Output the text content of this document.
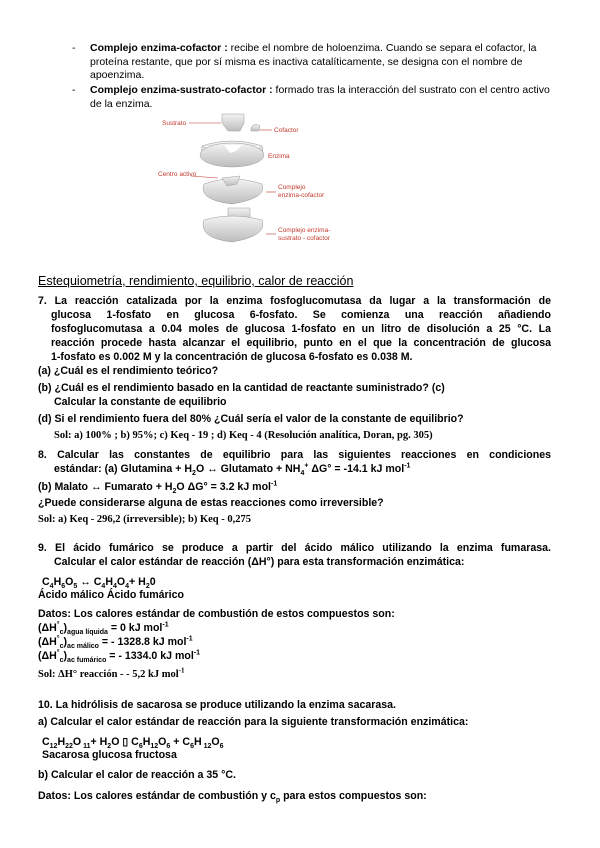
- Complejo enzima-cofactor : recibe el nombre de holoenzima. Cuando se separa el cofactor, la proteína restante, que por sí misma es inactiva catalíticamente, se designa con el nombre de apoenzima.
- Complejo enzima-sustrato-cofactor : formado tras la interacción del sustrato con el centro activo de la enzima.
Sustrato
Cofactor
Enzima
Centro activo
Complejo
enzima-cofactor
Complejo enzima-
sustrato - cofactor
Estequiometría, rendimiento, equilibrio, calor de reacción
7. La reacción catalizada por la enzima fosfoglucomutasa da lugar a la transformación de
glucosa 1-fosfato en glucosa 6-fosfato. Se comienza una reacción añadiendo
fosfoglucomutasa a 0.04 moles de glucosa 1-fosfato en un litro de disolución a 25 °C. La
reacción procede hasta alcanzar el equilibrio, punto en el que la concentración de glucosa
1-fosfato es 0.002 M y la concentración de glucosa 6-fosfato es 0.038 M.
(a) ¿Cuál es el rendimiento teórico?
(b) ¿Cuál es el rendimiento basado en la cantidad de reactante suministrado? (c)
Calcular la constante de equilibrio
(d) Si el rendimiento fuera del 80% ¿Cuál sería el valor de la constante de equilibrio?
Sol: a) 100% ; b) 95%; c) Keq - 19 ; d) Keq - 4 (Resolución analítica, Doran, pg. 305)
8. Calcular las constantes de equilibrio para las siguientes reacciones en condiciones
estándar: (a) Glutamina + $H_2O$ ↔ Glutamato + $NH_4^+$ ΔG° = -14.1 kJ mol$^{-1}$
(b) Malato ↔ Fumarato + $H_2O$ ΔG° = 3.2 kJ mol$^{-1}$
¿Puede considerarse alguna de estas reacciones como irreversible?
Sol: a) Keq - 296,2 (irreversible); b) Keq - 0,275
9. El ácido fumárico se produce a partir del ácido málico utilizando la enzima fumarasa.
Calcular el calor estándar de reacción (ΔH°) para esta transformación enzimática:
$C_4H_6O_5$ ↔ $C_4H_4O_4+ H_20$
Ácido málico Ácido fumárico
Datos: Los calores estándar de combustión de estos compuestos son:
$(\Delta H^\circ_c)_{agua líquida} = 0$ kJ mol$^{-1}$
$(\Delta H^\circ_c)_{ac málico}$ = - 1328.8 kJ mol$^{-1}$
$(\Delta H^\circ_c)_{ac fumárico}$ = - 1334.0 kJ mol$^{-1}$
Sol: ΔH° reacción - - 5,2 kJ mol$^{-1}$
10. La hidrólisis de sacarosa se produce utilizando la enzima sacarasa.
a) Calcular el calor estándar de reacción para la siguiente transformación enzimática:
$C_{12}H_{22}O$ $_{11}+ H_2O$ ▯ $C_6H_{12}O_6 + C_6H$ $_{12}O_6$
Sacarosa glucosa fructosa
b) Calcular el calor de reacción a 35 °C.
Datos: Los calores estándar de combustión y $c_p$ para estos compuestos son:
